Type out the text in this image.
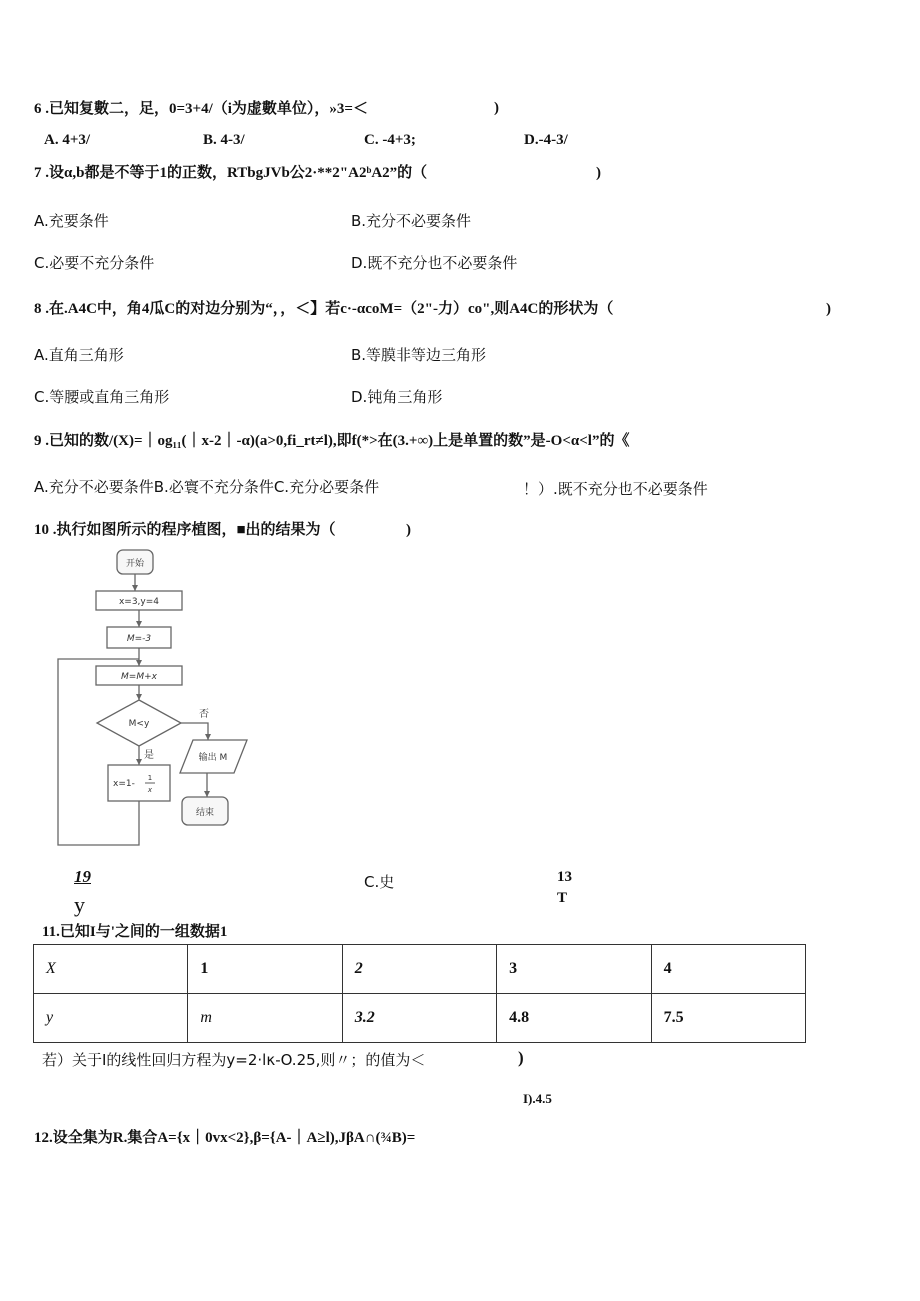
6 .已知复數二，足，0=3+4/（i为虚數单位），»3=＜	)
A. 4+3/	B. 4-3/	C. -4+3;	D.-4-3/
7 .设α,b都是不等于1的正数，RTbgJVb公2·**2"A2ᵇA2”的（	)
A.充要条件	B.充分不必要条件
C.必要不充分条件	D.既不充分也不必要条件
8 .在.A4C中，角4瓜C的对边分别为“，，＜】若c·-αcoM=（2"-力）co",则A4C的形状为（	)
A.直角三角形	B.等膜非等边三角形
C.等腰或直角三角形	D.钝角三角形
9 .已知的数/(X)=｜og₁₁(｜x-2｜-α)(a>0,fi_rt≠l),即f(*>在(3.+∞)上是单置的数”是-O<α<l”的《
A.充分不必要条件B.必寰不充分条件C.充分必要条件	！）.既不充分也不必要条件
10 .执行如图所示的程序植图，■出的结果为（	)
开始
x=3,y=4
M=-3
M=M+x
M<y
否
是	输出 M
x=1-
1
x
结束
19
y
C.史	13
T
11.已知I与'之间的一组数据1
X	1	2	3	4
y	m	3.2	4.8	7.5
若）关于I的线性回归方程为y=2·lκ-O.25,则〃；的值为＜	)
I).4.5
12.设全集为R.集合A={x｜0vx<2},β={A-｜A≥l),JβA∩(¾B)=
